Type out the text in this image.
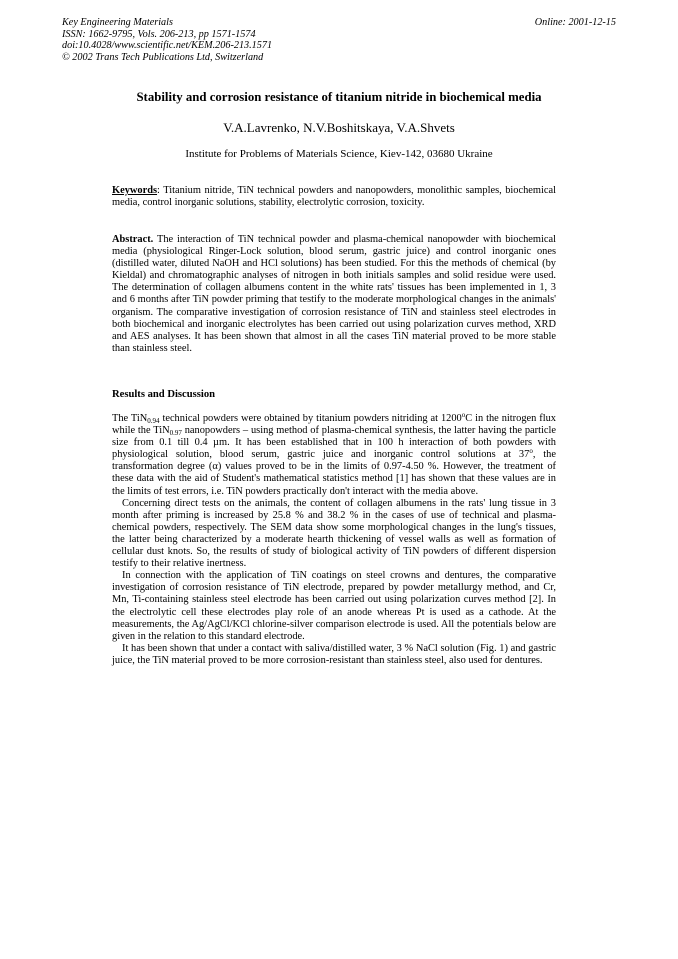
Key Engineering Materials
ISSN: 1662-9795, Vols. 206-213, pp 1571-1574
doi:10.4028/www.scientific.net/KEM.206-213.1571
© 2002 Trans Tech Publications Ltd, Switzerland
Online: 2001-12-15
Stability and corrosion resistance of titanium nitride in biochemical media
V.A.Lavrenko, N.V.Boshitskaya, V.A.Shvets
Institute for Problems of Materials Science, Kiev-142, 03680 Ukraine
Keywords: Titanium nitride, TiN technical powders and nanopowders, monolithic samples, biochemical media, control inorganic solutions, stability, electrolytic corrosion, toxicity.
Abstract. The interaction of TiN technical powder and plasma-chemical nanopowder with biochemical media (physiological Ringer-Lock solution, blood serum, gastric juice) and control inorganic ones (distilled water, diluted NaOH and HCl solutions) has been studied. For this the methods of chemical (by Kieldal) and chromatographic analyses of nitrogen in both initials samples and solid residue were used. The determination of collagen albumens content in the white rats' tissues has been implemented in 1, 3 and 6 months after TiN powder priming that testify to the moderate morphological changes in the animals' organism. The comparative investigation of corrosion resistance of TiN and stainless steel electrodes in both biochemical and inorganic electrolytes has been carried out using polarization curves method, XRD and AES analyses. It has been shown that almost in all the cases TiN material proved to be more stable than stainless steel.
Results and Discussion

The TiN$_{0.94}$ technical powders were obtained by titanium powders nitriding at 1200$^o$C in the nitrogen flux while the TiN$_{0.97}$ nanopowders – using method of plasma-chemical synthesis, the latter having the particle size from 0.1 till 0.4 µm. It has been established that in 100 h interaction of both powders with physiological solution, blood serum, gastric juice and inorganic control solutions at 37$^o$, the transformation degree (α) values proved to be in the limits of 0.97-4.50 %. However, the treatment of these data with the aid of Student's mathematical statistics method [1] has shown that these values are in the limits of test errors, i.e. TiN powders practically don't interact with the media above.

Concerning direct tests on the animals, the content of collagen albumens in the rats' lung tissue in 3 month after priming is increased by 25.8 % and 38.2 % in the cases of use of technical and plasma-chemical powders, respectively. The SEM data show some morphological changes in the lung's tissues, the latter being characterized by a moderate hearth thickening of vessel walls as well as formation of cellular dust knots. So, the results of study of biological activity of TiN powders of different dispersion testify to their relative inertness.

In connection with the application of TiN coatings on steel crowns and dentures, the comparative investigation of corrosion resistance of TiN electrode, prepared by powder metallurgy method, and Cr, Mn, Ti-containing stainless steel electrode has been carried out using polarization curves method [2]. In the electrolytic cell these electrodes play role of an anode whereas Pt is used as a cathode. At the measurements, the Ag/AgCl/KCl chlorine-silver comparison electrode is used. All the potentials below are given in the relation to this standard electrode.

It has been shown that under a contact with saliva/distilled water, 3 % NaCl solution (Fig. 1) and gastric juice, the TiN material proved to be more corrosion-resistant than stainless steel, also used for dentures.
